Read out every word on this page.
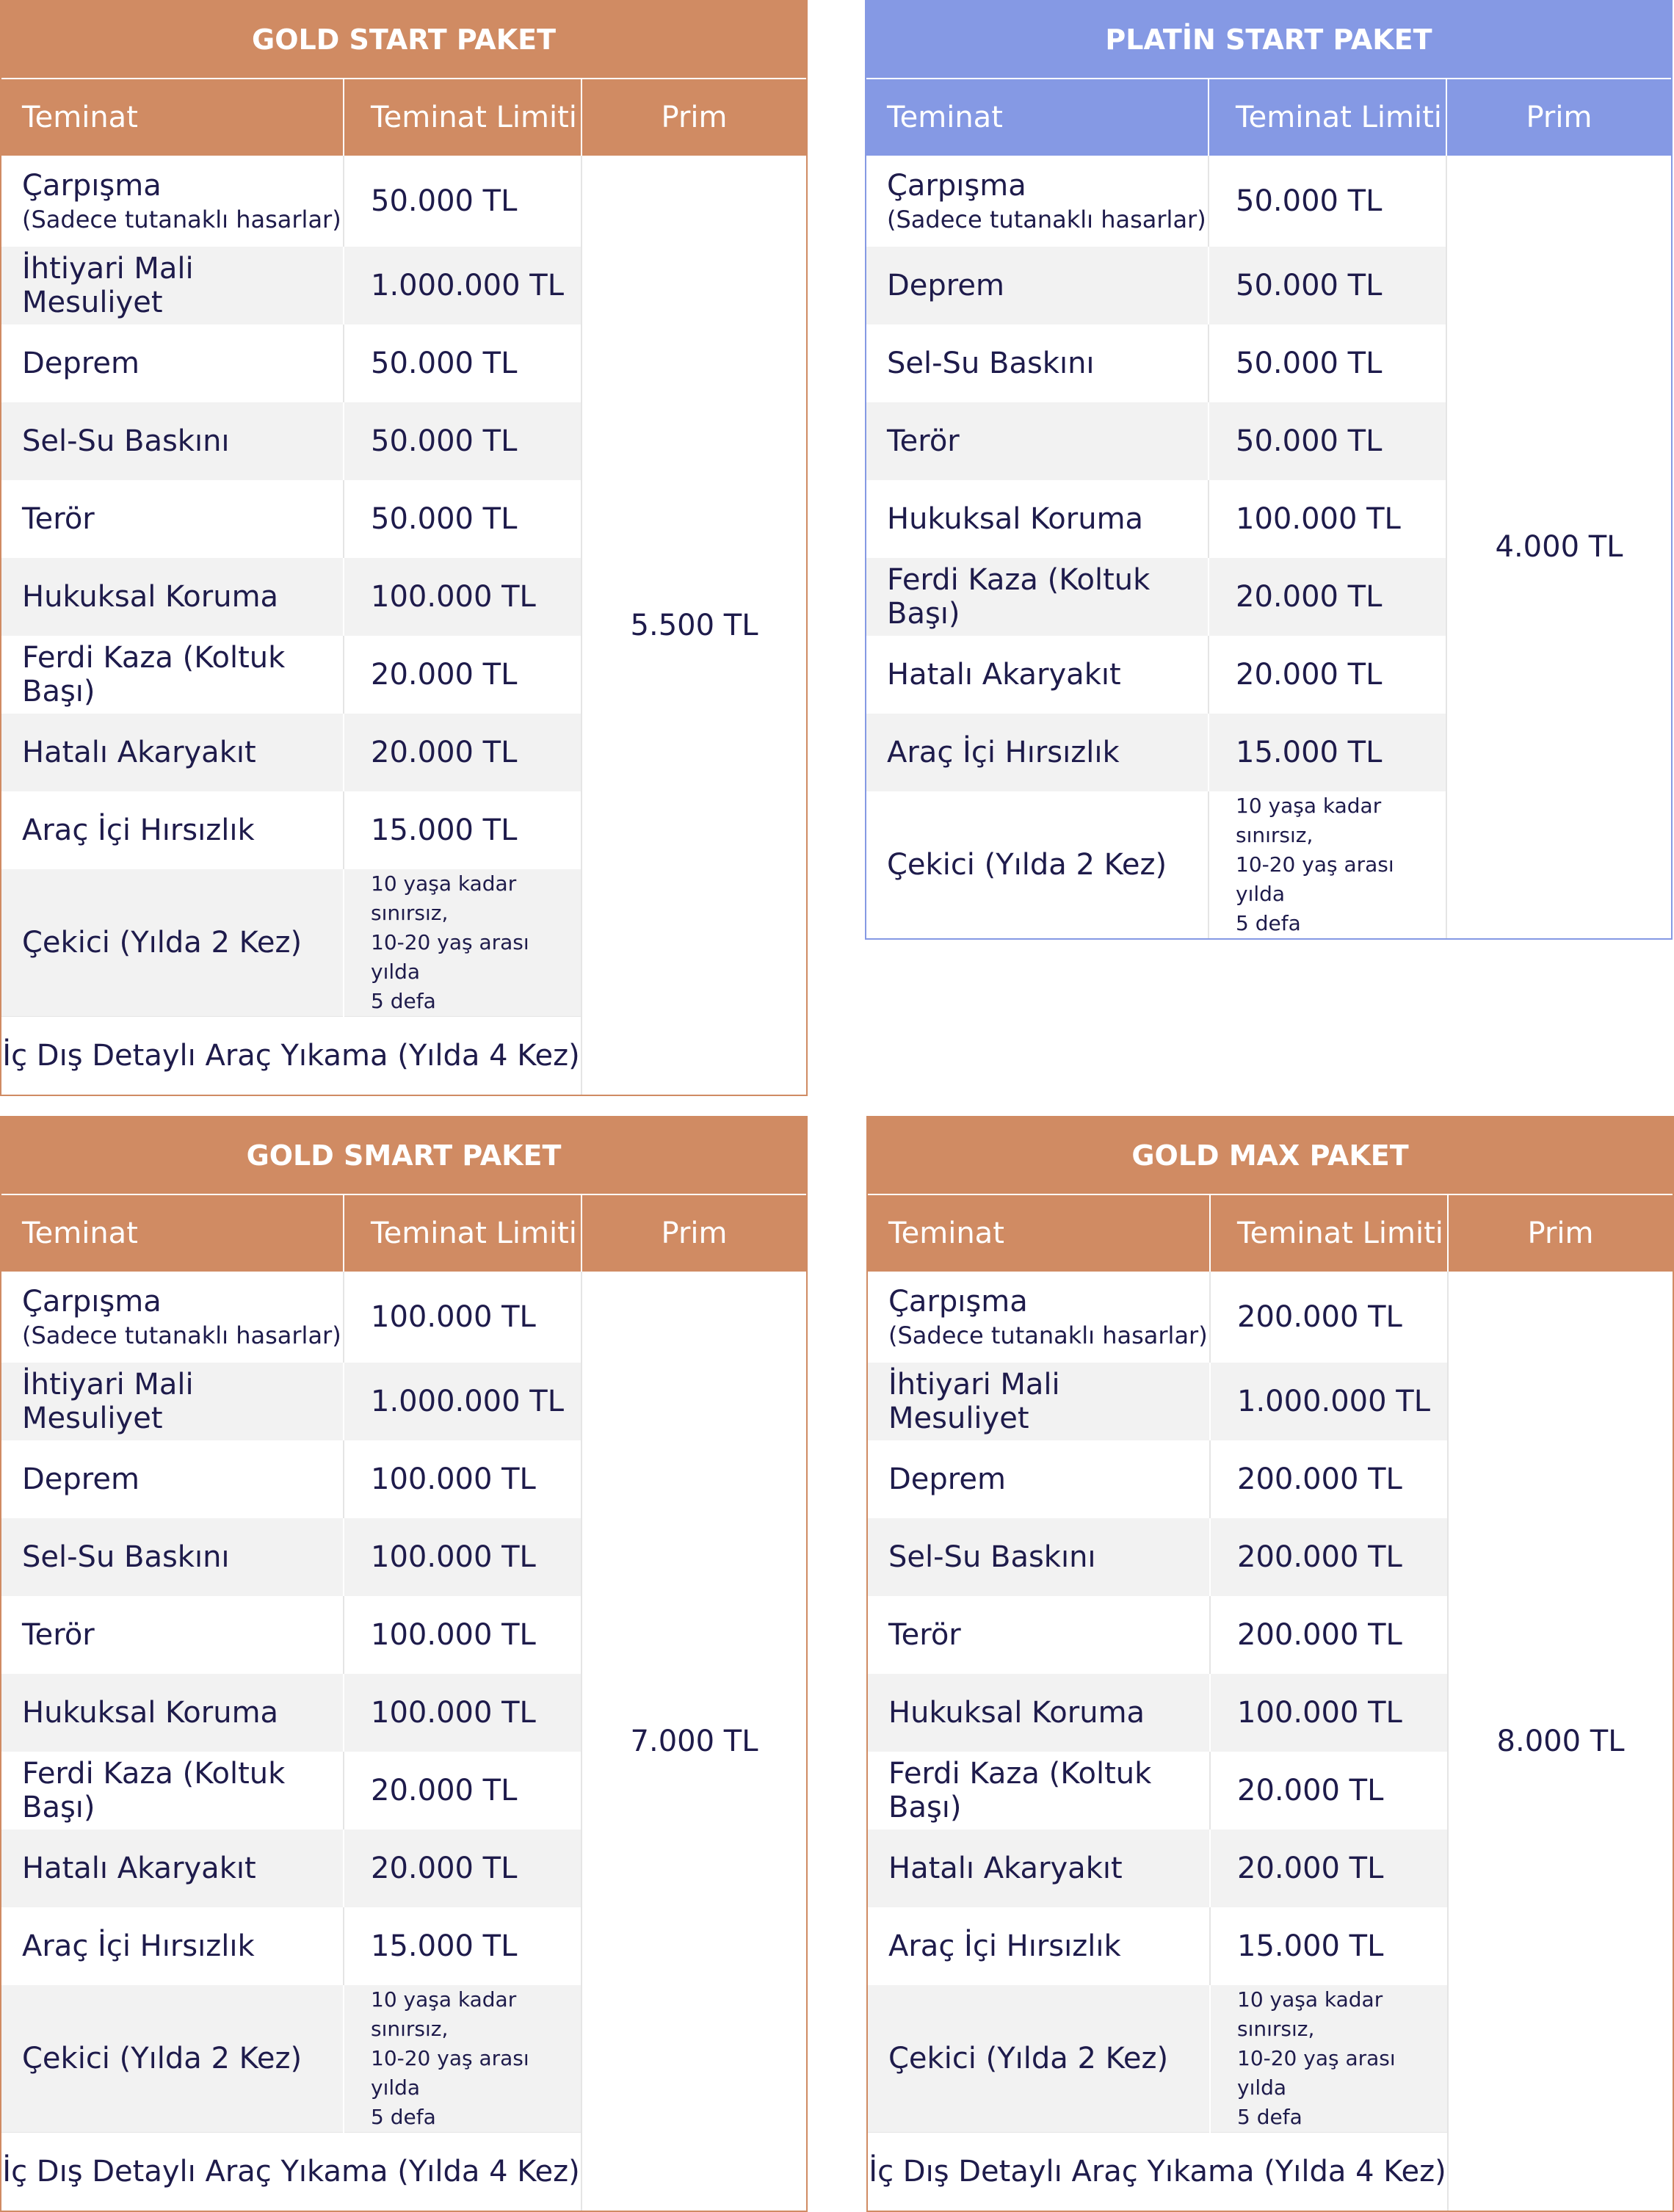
GOLD START PAKET		
Teminat	Teminat Limiti	Prim
Çarpışma
(Sadece tutanaklı hasarlar)	50.000 TL	5.500 TL
İhtiyari Mali Mesuliyet	1.000.000 TL	
Deprem	50.000 TL	
Sel-Su Baskını	50.000 TL	
Terör	50.000 TL	
Hukuksal Koruma	100.000 TL	
Ferdi Kaza (Koltuk Başı)	20.000 TL	
Hatalı Akaryakıt	20.000 TL	
Araç İçi Hırsızlık	15.000 TL	
Çekici (Yılda 2 Kez)	10 yaşa kadar sınırsız,
10-20 yaş arası yılda
5 defa	

İç Dış Detaylı Araç Yıkama (Yılda 4 Kez)		
PLATİN START PAKET		
Teminat	Teminat Limiti	Prim
Çarpışma
(Sadece tutanaklı hasarlar)	50.000 TL	4.000 TL
Deprem	50.000 TL	
Sel-Su Baskını	50.000 TL	
Terör	50.000 TL	
Hukuksal Koruma	100.000 TL	
Ferdi Kaza (Koltuk Başı)	20.000 TL	
Hatalı Akaryakıt	20.000 TL	
Araç İçi Hırsızlık	15.000 TL	
Çekici (Yılda 2 Kez)	10 yaşa kadar sınırsız,
10-20 yaş arası yılda
5 defa	
GOLD SMART PAKET		
Teminat	Teminat Limiti	Prim
Çarpışma
(Sadece tutanaklı hasarlar)	100.000 TL	7.000 TL
İhtiyari Mali Mesuliyet	1.000.000 TL	
Deprem	100.000 TL	
Sel-Su Baskını	100.000 TL	
Terör	100.000 TL	
Hukuksal Koruma	100.000 TL	
Ferdi Kaza (Koltuk Başı)	20.000 TL	
Hatalı Akaryakıt	20.000 TL	
Araç İçi Hırsızlık	15.000 TL	
Çekici (Yılda 2 Kez)	10 yaşa kadar sınırsız,
10-20 yaş arası yılda
5 defa	

İç Dış Detaylı Araç Yıkama (Yılda 4 Kez)		
GOLD MAX PAKET		
Teminat	Teminat Limiti	Prim
Çarpışma
(Sadece tutanaklı hasarlar)	200.000 TL	8.000 TL
İhtiyari Mali Mesuliyet	1.000.000 TL	
Deprem	200.000 TL	
Sel-Su Baskını	200.000 TL	
Terör	200.000 TL	
Hukuksal Koruma	100.000 TL	
Ferdi Kaza (Koltuk Başı)	20.000 TL	
Hatalı Akaryakıt	20.000 TL	
Araç İçi Hırsızlık	15.000 TL	
Çekici (Yılda 2 Kez)	10 yaşa kadar sınırsız,
10-20 yaş arası yılda
5 defa	

İç Dış Detaylı Araç Yıkama (Yılda 4 Kez)		
